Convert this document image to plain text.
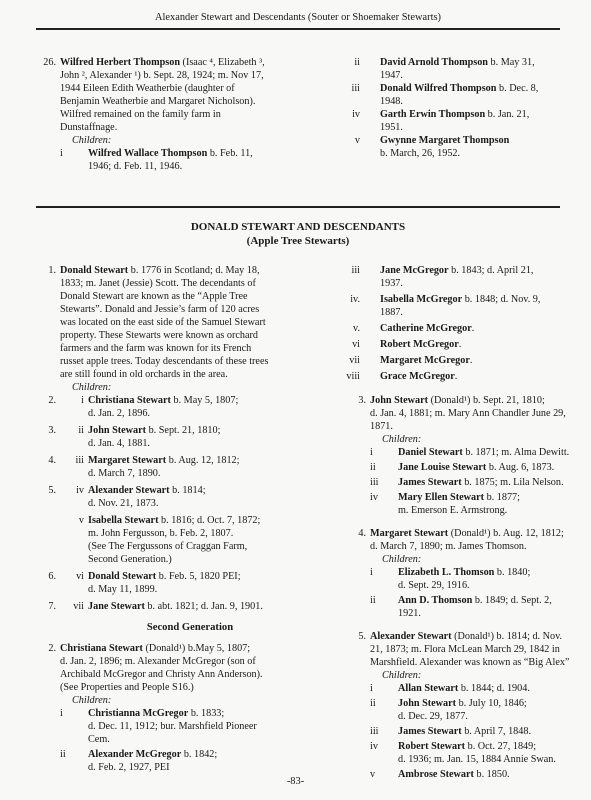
Alexander Stewart and Descendants (Souter or Shoemaker Stewarts)
26. Wilfred Herbert Thompson (Isaac ⁴, Elizabeth ³,
John ², Alexander ¹) b. Sept. 28, 1924; m. Nov 17,
1944 Eileen Edith Weatherbie (daughter of
Benjamin Weatherbie and Margaret Nicholson).
Wilfred remained on the family farm in
Dunstaffnage.
Children:
i	Wilfred Wallace Thompson b. Feb. 11,
1946; d. Feb. 11, 1946.
ii David Arnold Thompson b. May 31,
1947.
iii Donald Wilfred Thompson b. Dec. 8,
1948.
iv Garth Erwin Thompson b. Jan. 21,
1951.
v Gwynne Margaret Thompson
b. March, 26, 1952.
DONALD STEWART AND DESCENDANTS
(Apple Tree Stewarts)
1. Donald Stewart b. 1776 in Scotland; d. May 18,
1833; m. Janet (Jessie) Scott. The decendants of
Donald Stewart are known as the “Apple Tree
Stewarts”. Donald and Jessie’s farm of 120 acres
was located on the east side of the Samuel Stewart
property. These Stewarts were known as orchard
farmers and the farm was known for its French
russet apple trees. Today descendants of these trees
are still found in old orchards in the area.
Children:
2.	i Christiana Stewart b. May 5, 1807;
d. Jan. 2, 1896.
3.	ii John Stewart b. Sept. 21, 1810;
d. Jan. 4, 1881.
4.	iii Margaret Stewart b. Aug. 12, 1812;
d. March 7, 1890.
5.	iv Alexander Stewart b. 1814;
d. Nov. 21, 1873.
v Isabella Stewart b. 1816; d. Oct. 7, 1872;
m. John Fergusson, b. Feb. 2, 1807.
(See The Fergussons of Craggan Farm,
Second Generation.)
6.	vi Donald Stewart b. Feb. 5, 1820 PEI;
d. May 11, 1899.
7.	vii Jane Stewart b. abt. 1821; d. Jan. 9, 1901.
Second Generation
2. Christiana Stewart (Donald¹) b.May 5, 1807;
d. Jan. 2, 1896; m. Alexander McGregor (son of
Archibald McGregor and Christy Ann Anderson).
(See Properties and People S16.)
Children:
i	Christianna McGregor b. 1833;
d. Dec. 11, 1912; bur. Marshfield Pioneer
Cem.
ii	Alexander McGregor b. 1842;
d. Feb. 2, 1927, PEI
iii Jane McGregor b. 1843; d. April 21,
1937.
iv. Isabella McGregor b. 1848; d. Nov. 9,
1887.
v. Catherine McGregor.
vi Robert McGregor.
vii Margaret McGregor.
viii Grace McGregor.
3. John Stewart (Donald¹) b. Sept. 21, 1810;
d. Jan. 4, 1881; m. Mary Ann Chandler June 29,
1871.
Children:
i	Daniel Stewart b. 1871; m. Alma Dewitt.
ii	Jane Louise Stewart b. Aug. 6, 1873.
iii	James Stewart b. 1875; m. Lila Nelson.
iv	Mary Ellen Stewart b. 1877;
m. Emerson E. Armstrong.
4. Margaret Stewart (Donald¹) b. Aug. 12, 1812;
d. March 7, 1890; m. James Thomson.
Children:
i	Elizabeth L. Thomson b. 1840;
d. Sept. 29, 1916.
ii	Ann D. Thomson b. 1849; d. Sept. 2,
1921.
5. Alexander Stewart (Donald¹) b. 1814; d. Nov.
21, 1873; m. Flora McLean March 29, 1842 in
Marshfield. Alexander was known as “Big Alex”
Children:
i	Allan Stewart b. 1844; d. 1904.
ii	John Stewart b. July 10, 1846;
d. Dec. 29, 1877.
iii	James Stewart b. April 7, 1848.
iv	Robert Stewart b. Oct. 27, 1849;
d. 1936; m. Jan. 15, 1884 Annie Swan.
v	Ambrose Stewart b. 1850.
-83-
